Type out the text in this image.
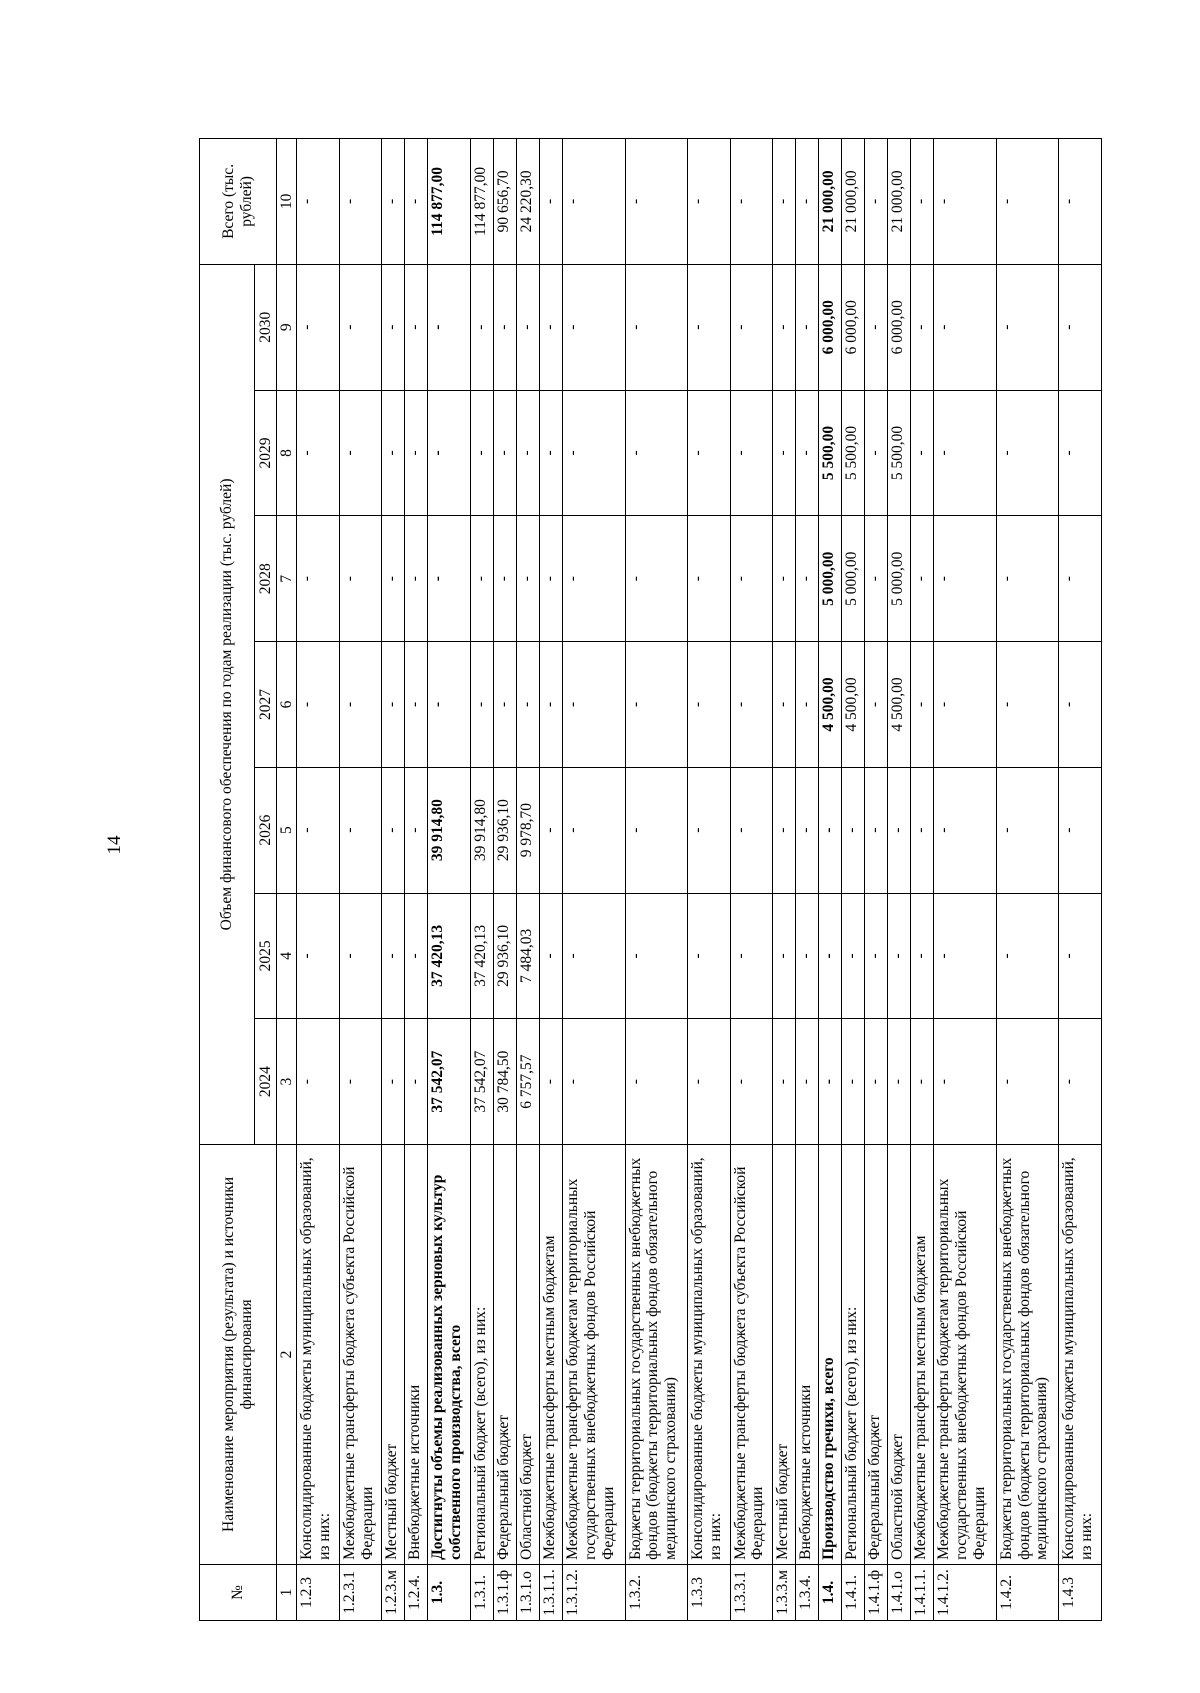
14
№	Наименование мероприятия (результата) и источники финансирования	Объем финансового обеспечения по годам реализации (тыс. рублей)							Всего (тыс. рублей)
		2024	2025	2026	2027	2028	2029	2030	
1	2	3	4	5	6	7	8	9	10
1.2.3	Консолидированные бюджеты муниципальных образований, из них:	-	-	-	-	-	-	-	-
1.2.3.1	Межбюджетные трансферты бюджета субъекта Российской Федерации	-	-	-	-	-	-	-	-
1.2.3.м	Местный бюджет	-	-	-	-	-	-	-	-
1.2.4.	Внебюджетные источники	-	-	-	-	-	-	-	-
1.3.	Достигнуты объемы реализованных зерновых культур собственного производства, всего	37 542,07	37 420,13	39 914,80	-	-	-	-	114 877,00
1.3.1.	Региональный бюджет (всего), из них:	37 542,07	37 420,13	39 914,80	-	-	-	-	114 877,00
1.3.1.ф	Федеральный бюджет	30 784,50	29 936,10	29 936,10	-	-	-	-	90 656,70
1.3.1.о	Областной бюджет	6 757,57	7 484,03	9 978,70	-	-	-	-	24 220,30
1.3.1.1.	Межбюджетные трансферты местным бюджетам	-	-	-	-	-	-	-	-
1.3.1.2.	Межбюджетные трансферты бюджетам территориальных государственных внебюджетных фондов Российской Федерации	-	-	-	-	-	-	-	-
1.3.2.	Бюджеты территориальных государственных внебюджетных фондов (бюджеты территориальных фондов обязательного медицинского страхования)	-	-	-	-	-	-	-	-
1.3.3	Консолидированные бюджеты муниципальных образований, из них:	-	-	-	-	-	-	-	-
1.3.3.1	Межбюджетные трансферты бюджета субъекта Российской Федерации	-	-	-	-	-	-	-	-
1.3.3.м	Местный бюджет	-	-	-	-	-	-	-	-
1.3.4.	Внебюджетные источники	-	-	-	-	-	-	-	-
1.4.	Производство гречихи, всего	-	-	-	4 500,00	5 000,00	5 500,00	6 000,00	21 000,00
1.4.1.	Региональный бюджет (всего), из них:	-	-	-	4 500,00	5 000,00	5 500,00	6 000,00	21 000,00
1.4.1.ф	Федеральный бюджет	-	-	-	-	-	-	-	-
1.4.1.о	Областной бюджет	-	-	-	4 500,00	5 000,00	5 500,00	6 000,00	21 000,00
1.4.1.1.	Межбюджетные трансферты местным бюджетам	-	-	-	-	-	-	-	-
1.4.1.2.	Межбюджетные трансферты бюджетам территориальных государственных внебюджетных фондов Российской Федерации	-	-	-	-	-	-	-	-
1.4.2.	Бюджеты территориальных государственных внебюджетных фондов (бюджеты территориальных фондов обязательного медицинского страхования)	-	-	-	-	-	-	-	-
1.4.3	Консолидированные бюджеты муниципальных образований, из них:	-	-	-	-	-	-	-	-
